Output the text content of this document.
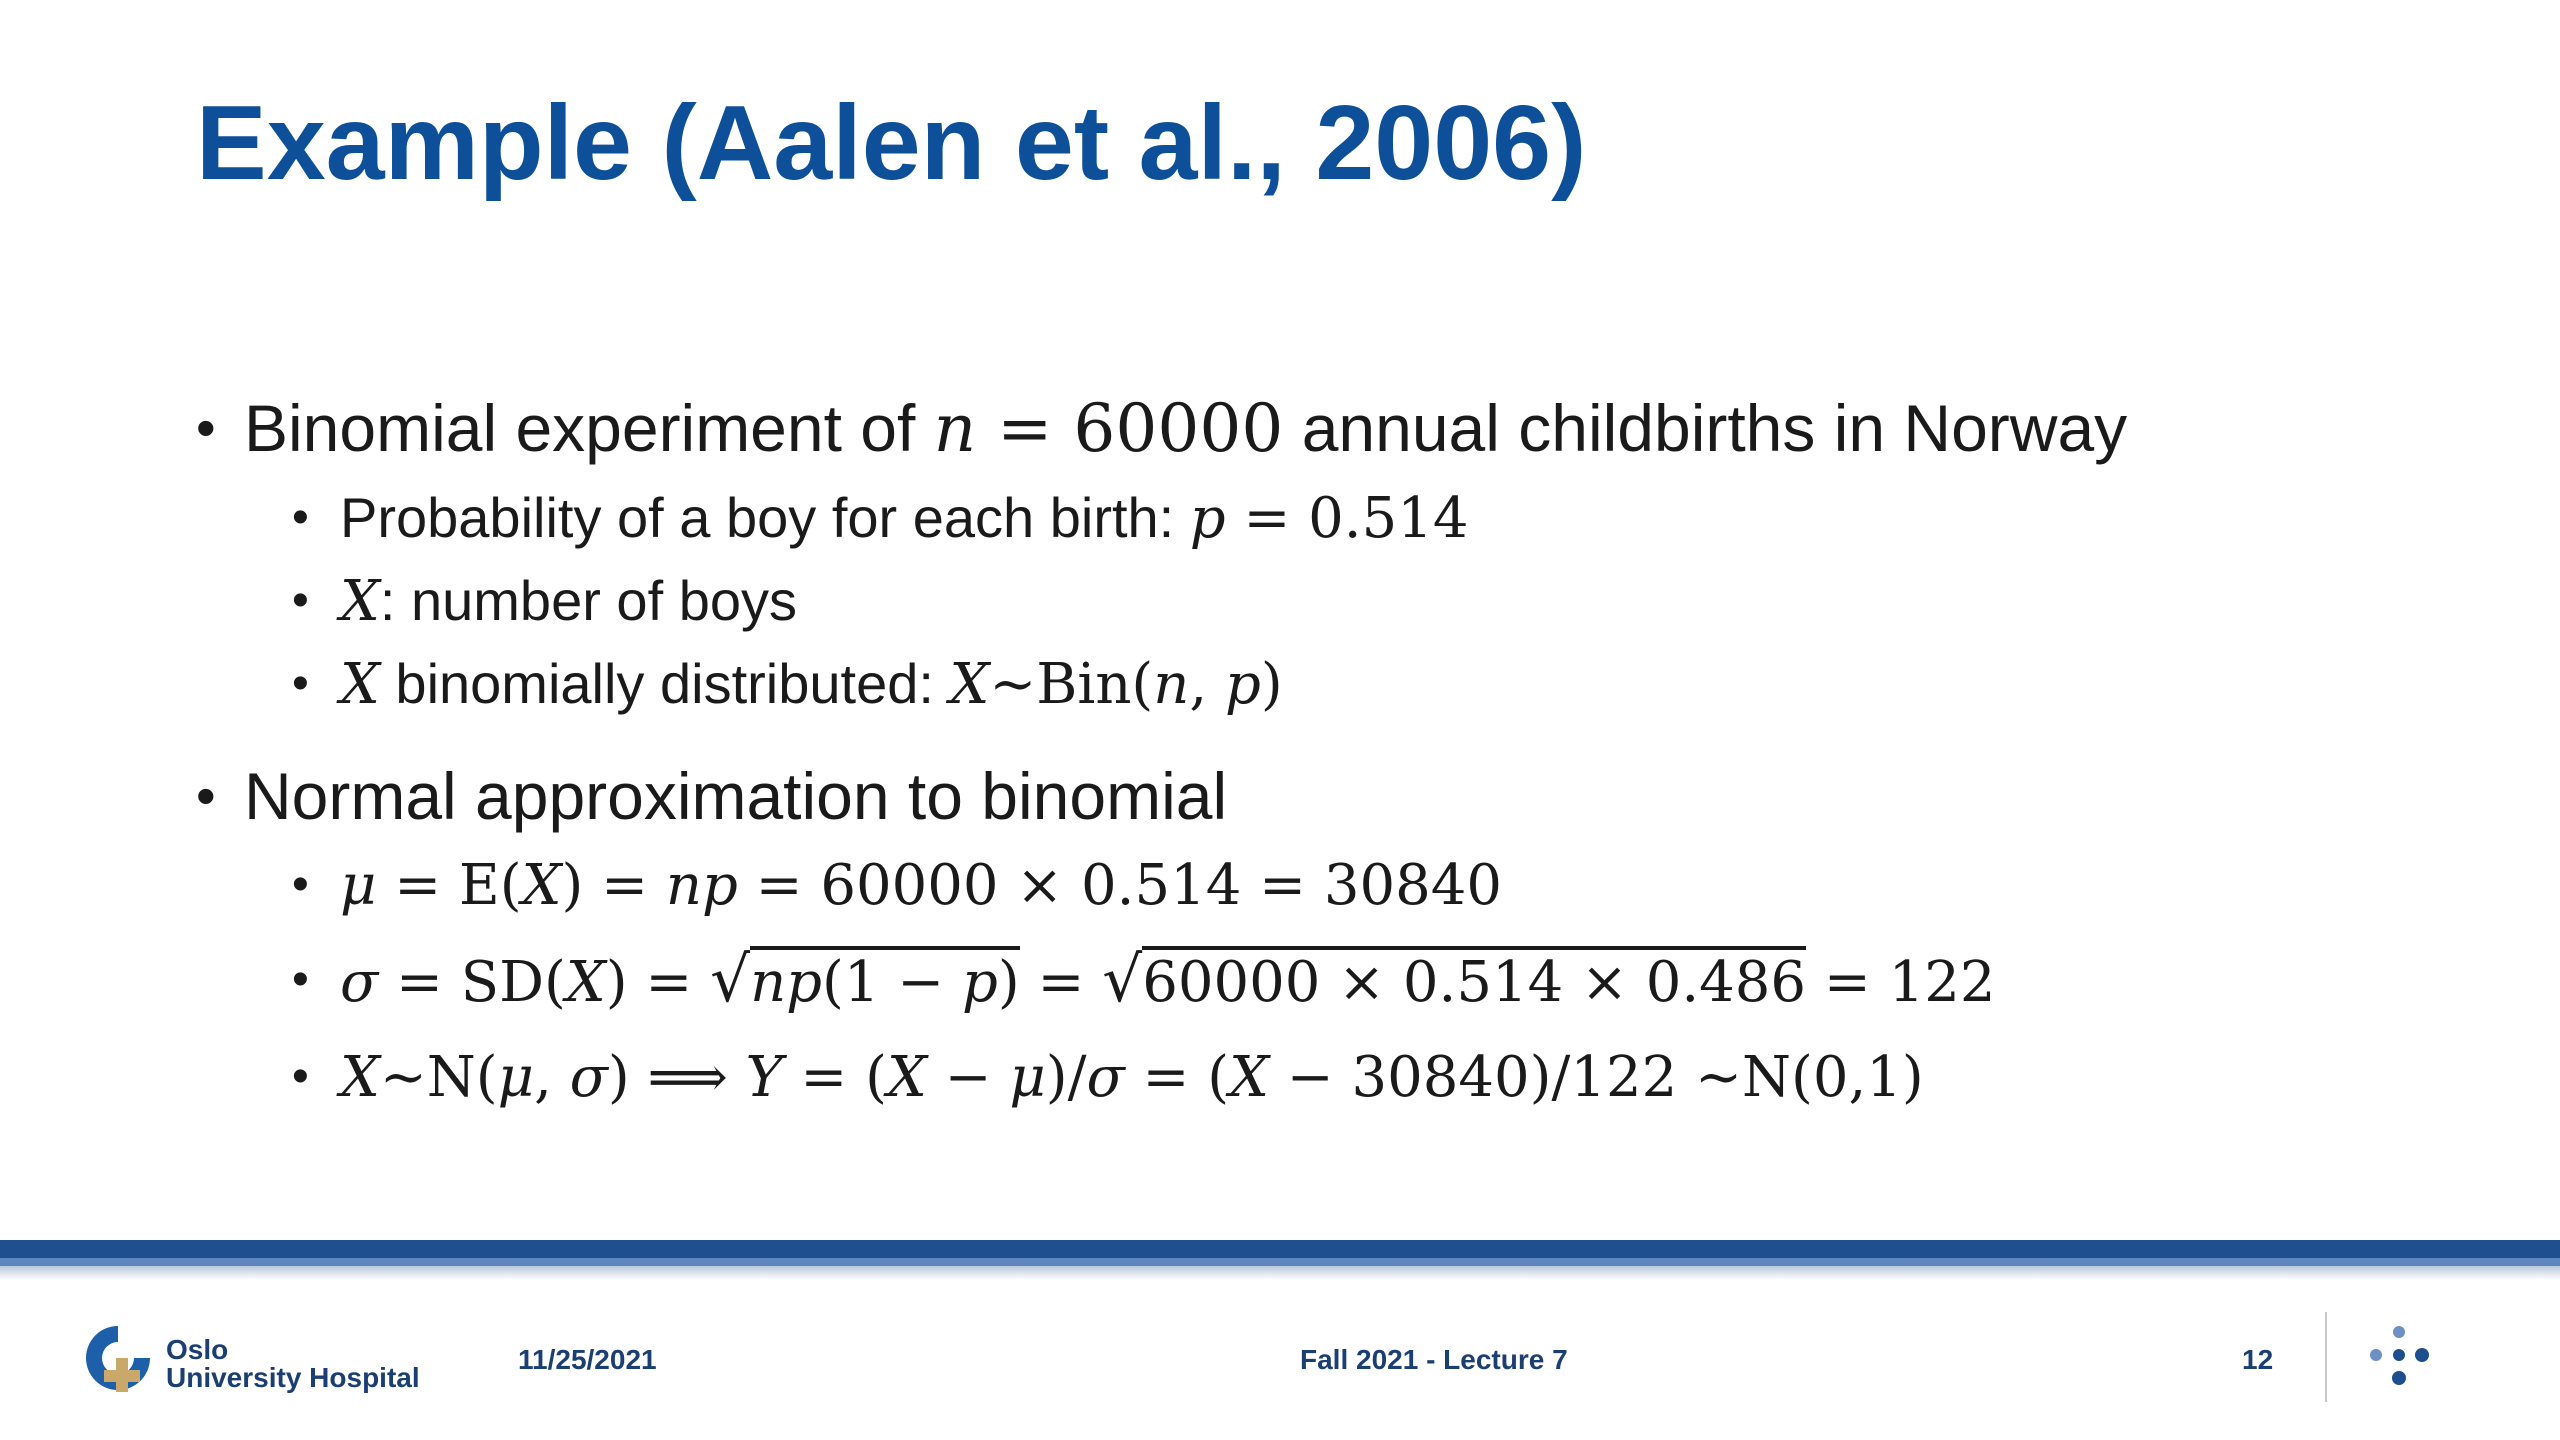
Example (Aalen et al., 2006)
• Binomial experiment of n = 60000 annual childbirths in Norway
• Probability of a boy for each birth: p = 0.514
• X: number of boys
• X binomially distributed: X~Bin(n, p)
• Normal approximation to binomial
• μ = E(X) = np = 60000 × 0.514 = 30840
• σ = SD(X) = √np(1 − p) = √60000 × 0.514 × 0.486 = 122
• X~N(μ, σ) ⟹ Y = (X − μ)/σ = (X − 30840)/122 ~N(0,1)
Oslo
University Hospital
11/25/2021	Fall 2021 - Lecture 7	12
